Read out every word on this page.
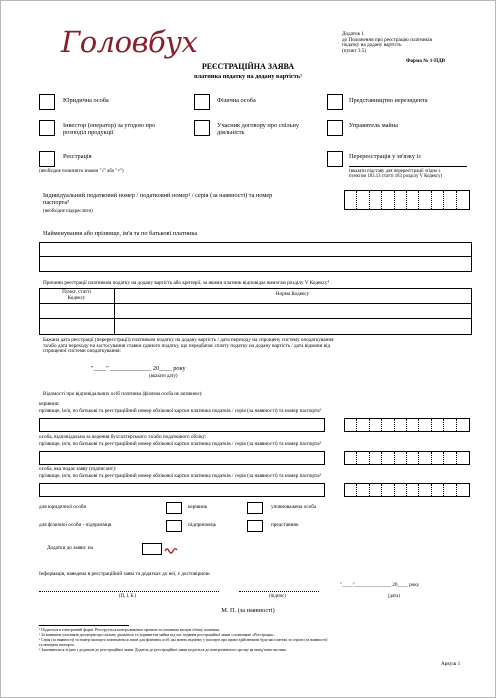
Головбух	Додаток 1
до Положення про реєстрацію платників
податку на додану вартість
(пункт 3.5)
Форма № 1-ПДВ
РЕЄСТРАЦІЙНА ЗАЯВА
платника податку на додану вартість¹
Юридична особа	Фізична особа	Представництво нерезидента
Інвестор (оператор) за угодою про
розподіл продукції
Учасник договору про спільну
діяльність
Управитель майна
Реєстрація
(необхідне позначити знаком "√" або "×")
Перереєстрація у зв'язку із
(вказати підставу для перереєстрації згідно з
пунктом 183.13 статті 183 розділу V Кодексу)
Індивідуальний податковий номер / податковий номер² / серія (за наявності) та номер
паспорта³
(необхідне підкреслити)
Найменування або прізвище, ім'я та по батькові платника
Причини реєстрації платником податку на додану вартість або критерії, за якими платник відповідає вимогам розділу V Кодексу⁴
Пункт, статті
Кодексу
Норма Кодексу
Бажана дата реєстрації (перереєстрації) платником податку на додану вартість / дата переходу на спрощену систему оподаткування
та/або дата переходу на застосування ставки єдиного податку, що передбачає сплату податку на додану вартість / дата відмови від
спрощеної системи оподаткування:
"____" _____________ 20____ року
(вказати дату)
Відомості про відповідальних осіб платника (фізична особа не заповнює):
керівник:
прізвище, ім'я, по батькові та реєстраційний номер облікової картки платника податків / серія (за наявності) та номер паспорта³
особа, відповідальна за ведення бухгалтерського та/або податкового обліку:
прізвище, ім'я, по батькові та реєстраційний номер облікової картки платника податків / серія (за наявності) та номер паспорта³
особа, яка подає заяву (підписант):
прізвище, ім'я, по батькові та реєстраційний номер облікової картки платника податків / серія (за наявності) та номер паспорта³
для юридичної особи	керівник	уповноважена особа
для фізичної особи - підприємця	підприємець	представник
Додатки до заяви: на
Інформація, наведена в реєстраційній заяві та додатках до неї, є достовірною.
(П. І. Б.)	(підпис)
"____"______________ 20____ року
(дата)
М. П. (за наявності)
¹ Подається в електронній формі. Реєструється контролюючим органом за основним місцем обліку платника.
² За винятком учасників договорів про спільну діяльність та управителя майна під час подання реєстраційної заяви з позначкою «Реєстрація».
³ Серія (за наявності) та номер паспорта зазначаються лише для фізичних осіб, які мають відмітку у паспорті про право здійснювати будь-які платежі за серією (за наявності)
та номером паспорта.
⁴ Заповнюється згідно з додатком до реєстраційної заяви. Додаток до реєстраційної заяви подається до контролюючого органу як невід'ємна частина.
Аркуш 1
